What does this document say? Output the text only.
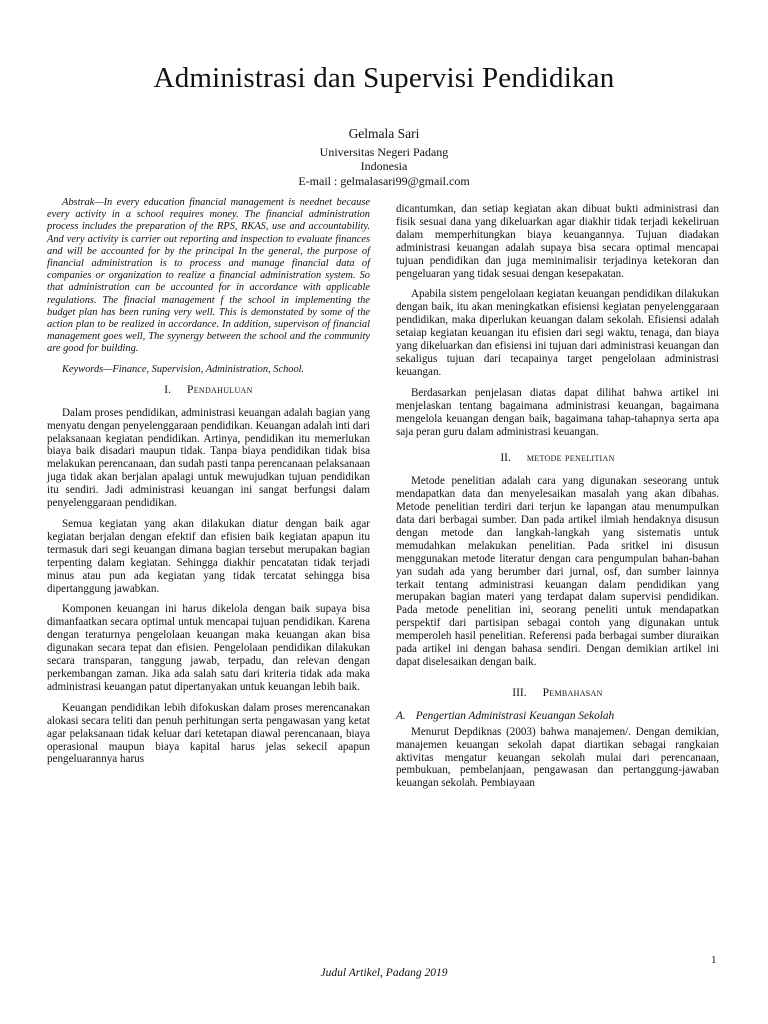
Administrasi dan Supervisi Pendidikan
Gelmala Sari
Universitas Negeri Padang
Indonesia
E-mail : gelmalasari99@gmail.com

Abstrak—In every education financial management is neednet because every activity in a school requires money. The financial administration process includes the preparation of the RPS, RKAS, use and accountability. And very activity is carrier out reporting and inspection to evaluate finances and will be accounted for by the principal In the general, the purpose of financial administration is to process and manage financial data of companies or organization to realize a financial administration system. So that administration can be accounted for in accordance with applicable regulations. The finacial management f the school in implementing the budget plan has been runing very well. This is demonstated by some of the action plan to be realized in accordance. In addition, supervison of financial management goes well, The syynergy between the school and the community are good for building.

Keywords—Finance, Supervision, Administration, School.

I. Pendahuluan

Dalam proses pendidikan, administrasi keuangan adalah bagian yang menyatu dengan penyelenggaraan pendidikan. Keuangan adalah inti dari pelaksanaan kegiatan pendidikan. Artinya, pendidikan itu memerlukan biaya baik disadari maupun tidak. Tanpa biaya pendidikan tidak bisa melakukan perencanaan, dan sudah pasti tanpa perencanaan pelaksanaan juga tidak akan berjalan apalagi untuk mewujudkan tujuan pendidikan itu sendiri. Jadi administrasi keuangan ini sangat berfungsi dalam penyelenggaraan pendidikan.

Semua kegiatan yang akan dilakukan diatur dengan baik agar kegiatan berjalan dengan efektif dan efisien baik kegiatan apapun itu termasuk dari segi keuangan dimana bagian tersebut merupakan bagian terpenting dalam kegiatan. Sehingga diakhir pencatatan tidak terjadi minus atau pun ada kegiatan yang tidak tercatat sehingga bisa dipertanggung jawabkan.

Komponen keuangan ini harus dikelola dengan baik supaya bisa dimanfaatkan secara optimal untuk mencapai tujuan pendidikan. Karena dengan teraturnya pengelolaan keuangan maka keuangan akan bisa digunakan secara tepat dan efisien. Pengelolaan pendidikan dilakukan secara transparan, tanggung jawab, terpadu, dan relevan dengan perkembangan zaman. Jika ada salah satu dari kriteria tidak ada maka administrasi keuangan patut dipertanyakan untuk keuangan lebih baik.

Keuangan pendidikan lebih difokuskan dalam proses merencanakan alokasi secara teliti dan penuh perhitungan serta pengawasan yang ketat agar pelaksanaan tidak keluar dari ketetapan diawal perencanaan, biaya operasional maupun biaya kapital harus jelas sekecil apapun pengeluarannya harus

dicantumkan, dan setiap kegiatan akan dibuat bukti administrasi dan fisik sesuai dana yang dikeluarkan agar diakhir tidak terjadi kekeliruan dalam memperhitungkan biaya keuangannya. Tujuan diadakan administrasi keuangan adalah supaya bisa secara optimal mencapai tujuan pendidikan dan juga meminimalisir terjadinya ketekoran dan pengeluaran yang tidak sesuai dengan kesepakatan.

Apabila sistem pengelolaan kegiatan keuangan pendidikan dilakukan dengan baik, itu akan meningkatkan efisiensi kegiatan penyelenggaraan pendidikan, maka diperlukan keuangan dalam sekolah. Efisiensi adalah setaiap kegiatan keuangan itu efisien dari segi waktu, tenaga, dan biaya yang dikeluarkan dan efisiensi ini tujuan dari administrasi keuangan dan sekaligus tujuan dari tecapainya target pengelolaan administrasi keuangan.

Berdasarkan penjelasan diatas dapat dilihat bahwa artikel ini menjelaskan tentang bagaimana administrasi keuangan, bagaimana mengelola keuangan dengan baik, bagaimana tahap-tahapnya serta apa saja peran guru dalam administrasi keuangan.

II. metode penelitian

Metode penelitian adalah cara yang digunakan seseorang untuk mendapatkan data dan menyelesaikan masalah yang akan dibahas. Metode penelitian terdiri dari terjun ke lapangan atau menumpulkan data dari berbagai sumber. Dan pada artikel ilmiah hendaknya disusun dengan metode dan langkah-langkah yang sistematis untuk memudahkan melakukan penelitian. Pada sritkel ini disusun menggunakan metode literatur dengan cara pengumpulan bahan-bahan yan sudah ada yang berumber dari jurnal, osf, dan sumber lainnya terkait tentang administrasi keuangan dalam pendidikan yang merupakan bagian materi yang terdapat dalam supervisi pendidikan. Pada metode penelitian ini, seorang peneliti untuk mendapatkan perspektif dari partisipan sebagai contoh yang digunakan untuk memperoleh hasil penelitian. Referensi pada berbagai sumber diuraikan pada artikel ini dengan bahasa sendiri. Dengan demikian artikel ini dapat diselesaikan dengan baik.

III. Pembahasan
A. Pengertian Administrasi Keuangan Sekolah

Menurut Depdiknas (2003) bahwa manajemen/. Dengan demikian, manajemen keuangan sekolah dapat diartikan sebagai rangkaian aktivitas mengatur keuangan sekolah mulai dari perencanaan, pembukuan, pembelanjaan, pengawasan dan pertanggung-jawaban keuangan sekolah. Pembiayaan

1
Judul Artikel, Padang 2019
